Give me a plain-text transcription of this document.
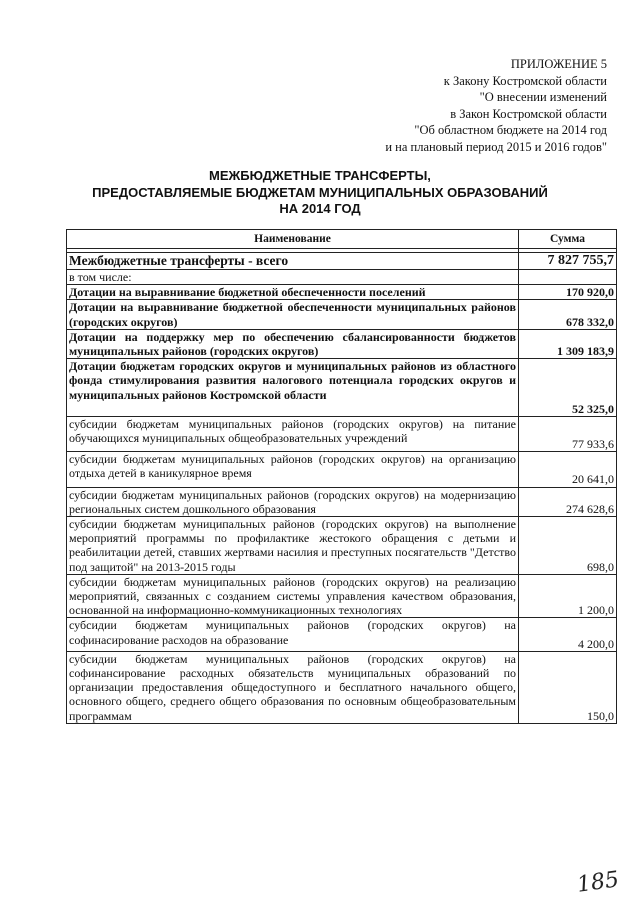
ПРИЛОЖЕНИЕ 5
к Закону Костромской области
"О внесении изменений
в Закон Костромской области
"Об областном бюджете на 2014 год
и на плановый период 2015 и 2016 годов"
МЕЖБЮДЖЕТНЫЕ ТРАНСФЕРТЫ,
ПРЕДОСТАВЛЯЕМЫЕ БЮДЖЕТАМ МУНИЦИПАЛЬНЫХ ОБРАЗОВАНИЙ
НА 2014 ГОД
Наименование	Сумма

Межбюджетные трансферты - всего	7 827 755,7
в том числе:	
Дотации на выравнивание бюджетной обеспеченности поселений	170 920,0
Дотации на выравнивание бюджетной обеспеченности муниципальных районов (городских округов)	678 332,0
Дотации на поддержку мер по обеспечению сбалансированности бюджетов муниципальных районов (городских округов)	1 309 183,9
Дотации бюджетам городских округов и муниципальных районов из областного фонда стимулирования развития налогового потенциала городских округов и муниципальных районов Костромской области	52 325,0
субсидии бюджетам муниципальных районов (городских округов) на питание обучающихся муниципальных общеобразовательных учреждений	77 933,6
субсидии бюджетам муниципальных районов (городских округов) на организацию отдыха детей в каникулярное время	20 641,0
субсидии бюджетам муниципальных районов (городских округов) на модернизацию региональных систем дошкольного образования	274 628,6
субсидии бюджетам муниципальных районов (городских округов) на выполнение мероприятий программы по профилактике жестокого обращения с детьми и реабилитации детей, ставших жертвами насилия и преступных посягательств "Детство под защитой" на 2013-2015 годы	698,0
субсидии бюджетам муниципальных районов (городских округов) на реализацию мероприятий, связанных с созданием системы управления качеством образования, основанной на информационно-коммуникационных технологиях	1 200,0
субсидии бюджетам муниципальных районов (городских округов) на софинасирование расходов на образование	4 200,0
субсидии бюджетам муниципальных районов (городских округов) на софинансирование расходных обязательств муниципальных образований по организации предоставления общедоступного и бесплатного начального общего, основного общего, среднего общего образования по основным общеобразовательным программам	150,0
185
